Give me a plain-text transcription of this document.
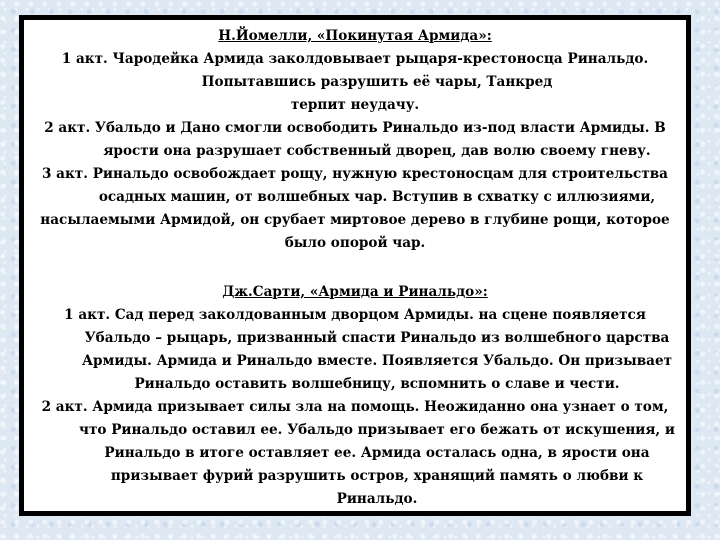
Н.Йомелли, «Покинутая Армида»:

1 акт. Чародейка Армида заколдовывает рыцаря-крестоносца Ринальдо. Попытавшись разрушить её чары, Танкред

терпит неудачу.

2 акт. Убальдо и Дано смогли освободить Ринальдо из-под власти Армиды. В ярости она разрушает собственный дворец, дав волю своему гневу.

3 акт. Ринальдо освобождает рощу, нужную крестоносцам для строительства осадных машин, от волшебных чар. Вступив в схватку с иллюзиями,

насылаемыми Армидой, он срубает миртовое дерево в глубине рощи, которое было опорой чар.

Дж.Сарти, «Армида и Ринальдо»:

1 акт. Сад перед заколдованным дворцом Армиды. на сцене появляется Убальдо – рыцарь, призванный спасти Ринальдо из волшебного царства Армиды. Армида и Ринальдо вместе. Появляется Убальдо. Он призывает Ринальдо оставить волшебницу, вспомнить о славе и чести.

2 акт. Армида призывает силы зла на помощь. Неожиданно она узнает о том, что Ринальдо оставил ее. Убальдо призывает его бежать от искушения, и Ринальдо в итоге оставляет ее. Армида осталась одна, в ярости она призывает фурий разрушить остров, хранящий память о любви к Ринальдо.
